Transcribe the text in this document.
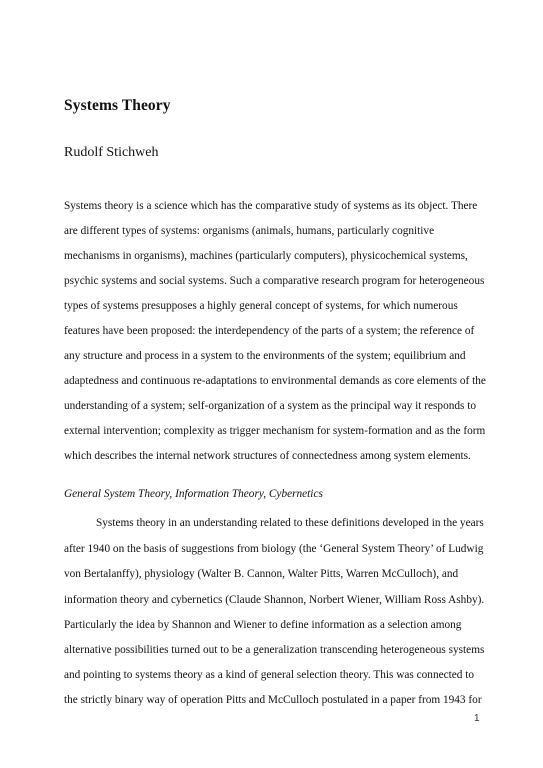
Systems Theory
Rudolf Stichweh
Systems theory is a science which has the comparative study of systems as its object. There
are different types of systems: organisms (animals, humans, particularly cognitive
mechanisms in organisms), machines (particularly computers), physicochemical systems,
psychic systems and social systems. Such a comparative research program for heterogeneous
types of systems presupposes a highly general concept of systems, for which numerous
features have been proposed: the interdependency of the parts of a system; the reference of
any structure and process in a system to the environments of the system; equilibrium and
adaptedness and continuous re-adaptations to environmental demands as core elements of the
understanding of a system; self-organization of a system as the principal way it responds to
external intervention; complexity as trigger mechanism for system-formation and as the form
which describes the internal network structures of connectedness among system elements.
General System Theory, Information Theory, Cybernetics
Systems theory in an understanding related to these definitions developed in the years
after 1940 on the basis of suggestions from biology (the ‘General System Theory’ of Ludwig
von Bertalanffy), physiology (Walter B. Cannon, Walter Pitts, Warren McCulloch), and
information theory and cybernetics (Claude Shannon, Norbert Wiener, William Ross Ashby).
Particularly the idea by Shannon and Wiener to define information as a selection among
alternative possibilities turned out to be a generalization transcending heterogeneous systems
and pointing to systems theory as a kind of general selection theory. This was connected to
the strictly binary way of operation Pitts and McCulloch postulated in a paper from 1943 for
1
